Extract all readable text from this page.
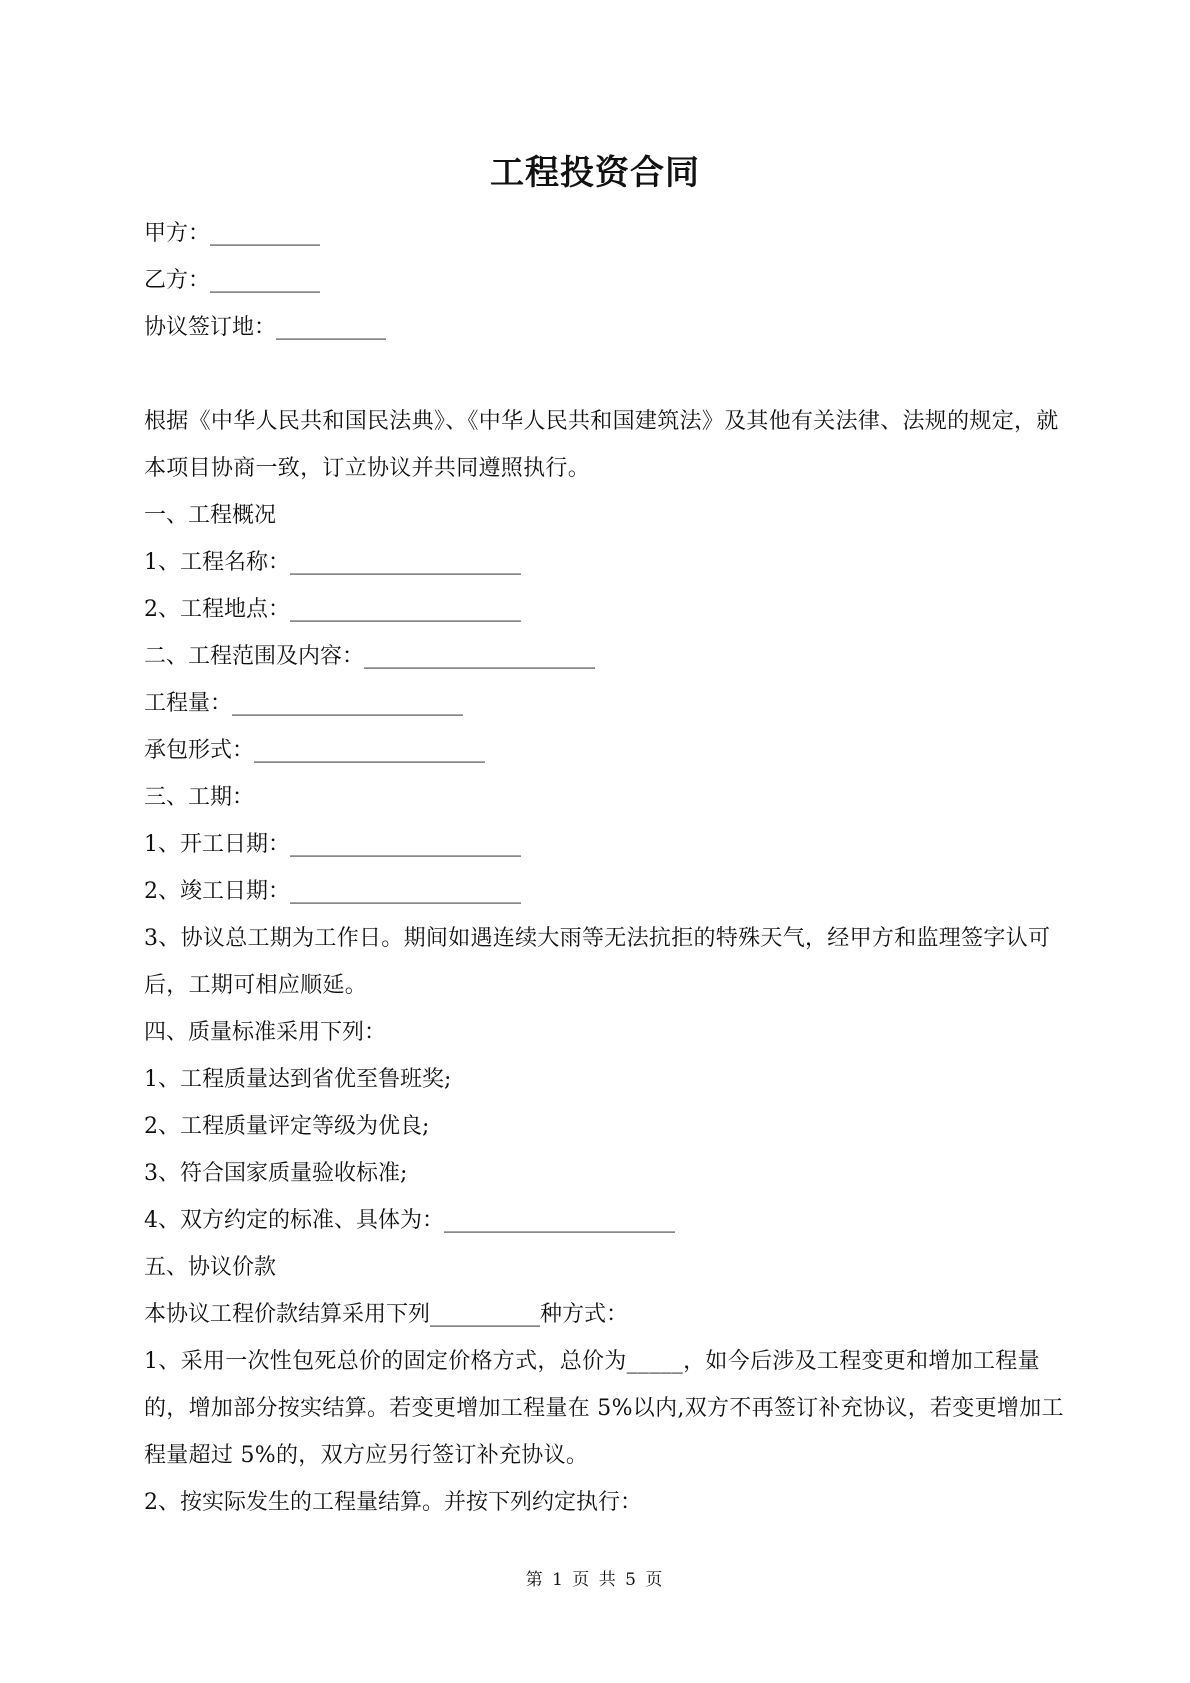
工程投资合同
甲方：__________
乙方：__________
协议签订地：__________
根据《中华人民共和国民法典》、《中华人民共和国建筑法》及其他有关法律、法规的规定，就本项目协商一致，订立协议并共同遵照执行。
一、工程概况
1、工程名称：_____________________
2、工程地点：_____________________
二、工程范围及内容：_____________________
工程量：_____________________
承包形式：_____________________
三、工期：
1、开工日期：_____________________
2、竣工日期：_____________________
3、协议总工期为工作日。期间如遇连续大雨等无法抗拒的特殊天气，经甲方和监理签字认可后，工期可相应顺延。
四、质量标准采用下列：
1、工程质量达到省优至鲁班奖;
2、工程质量评定等级为优良;
3、符合国家质量验收标准;
4、双方约定的标准、具体为：_____________________
五、协议价款
本协议工程价款结算采用下列__________种方式：
1、采用一次性包死总价的固定价格方式，总价为_____，如今后涉及工程变更和增加工程量的，增加部分按实结算。若变更增加工程量在 5%以内,双方不再签订补充协议，若变更增加工程量超过 5%的，双方应另行签订补充协议。
2、按实际发生的工程量结算。并按下列约定执行：
第 1 页 共 5 页
